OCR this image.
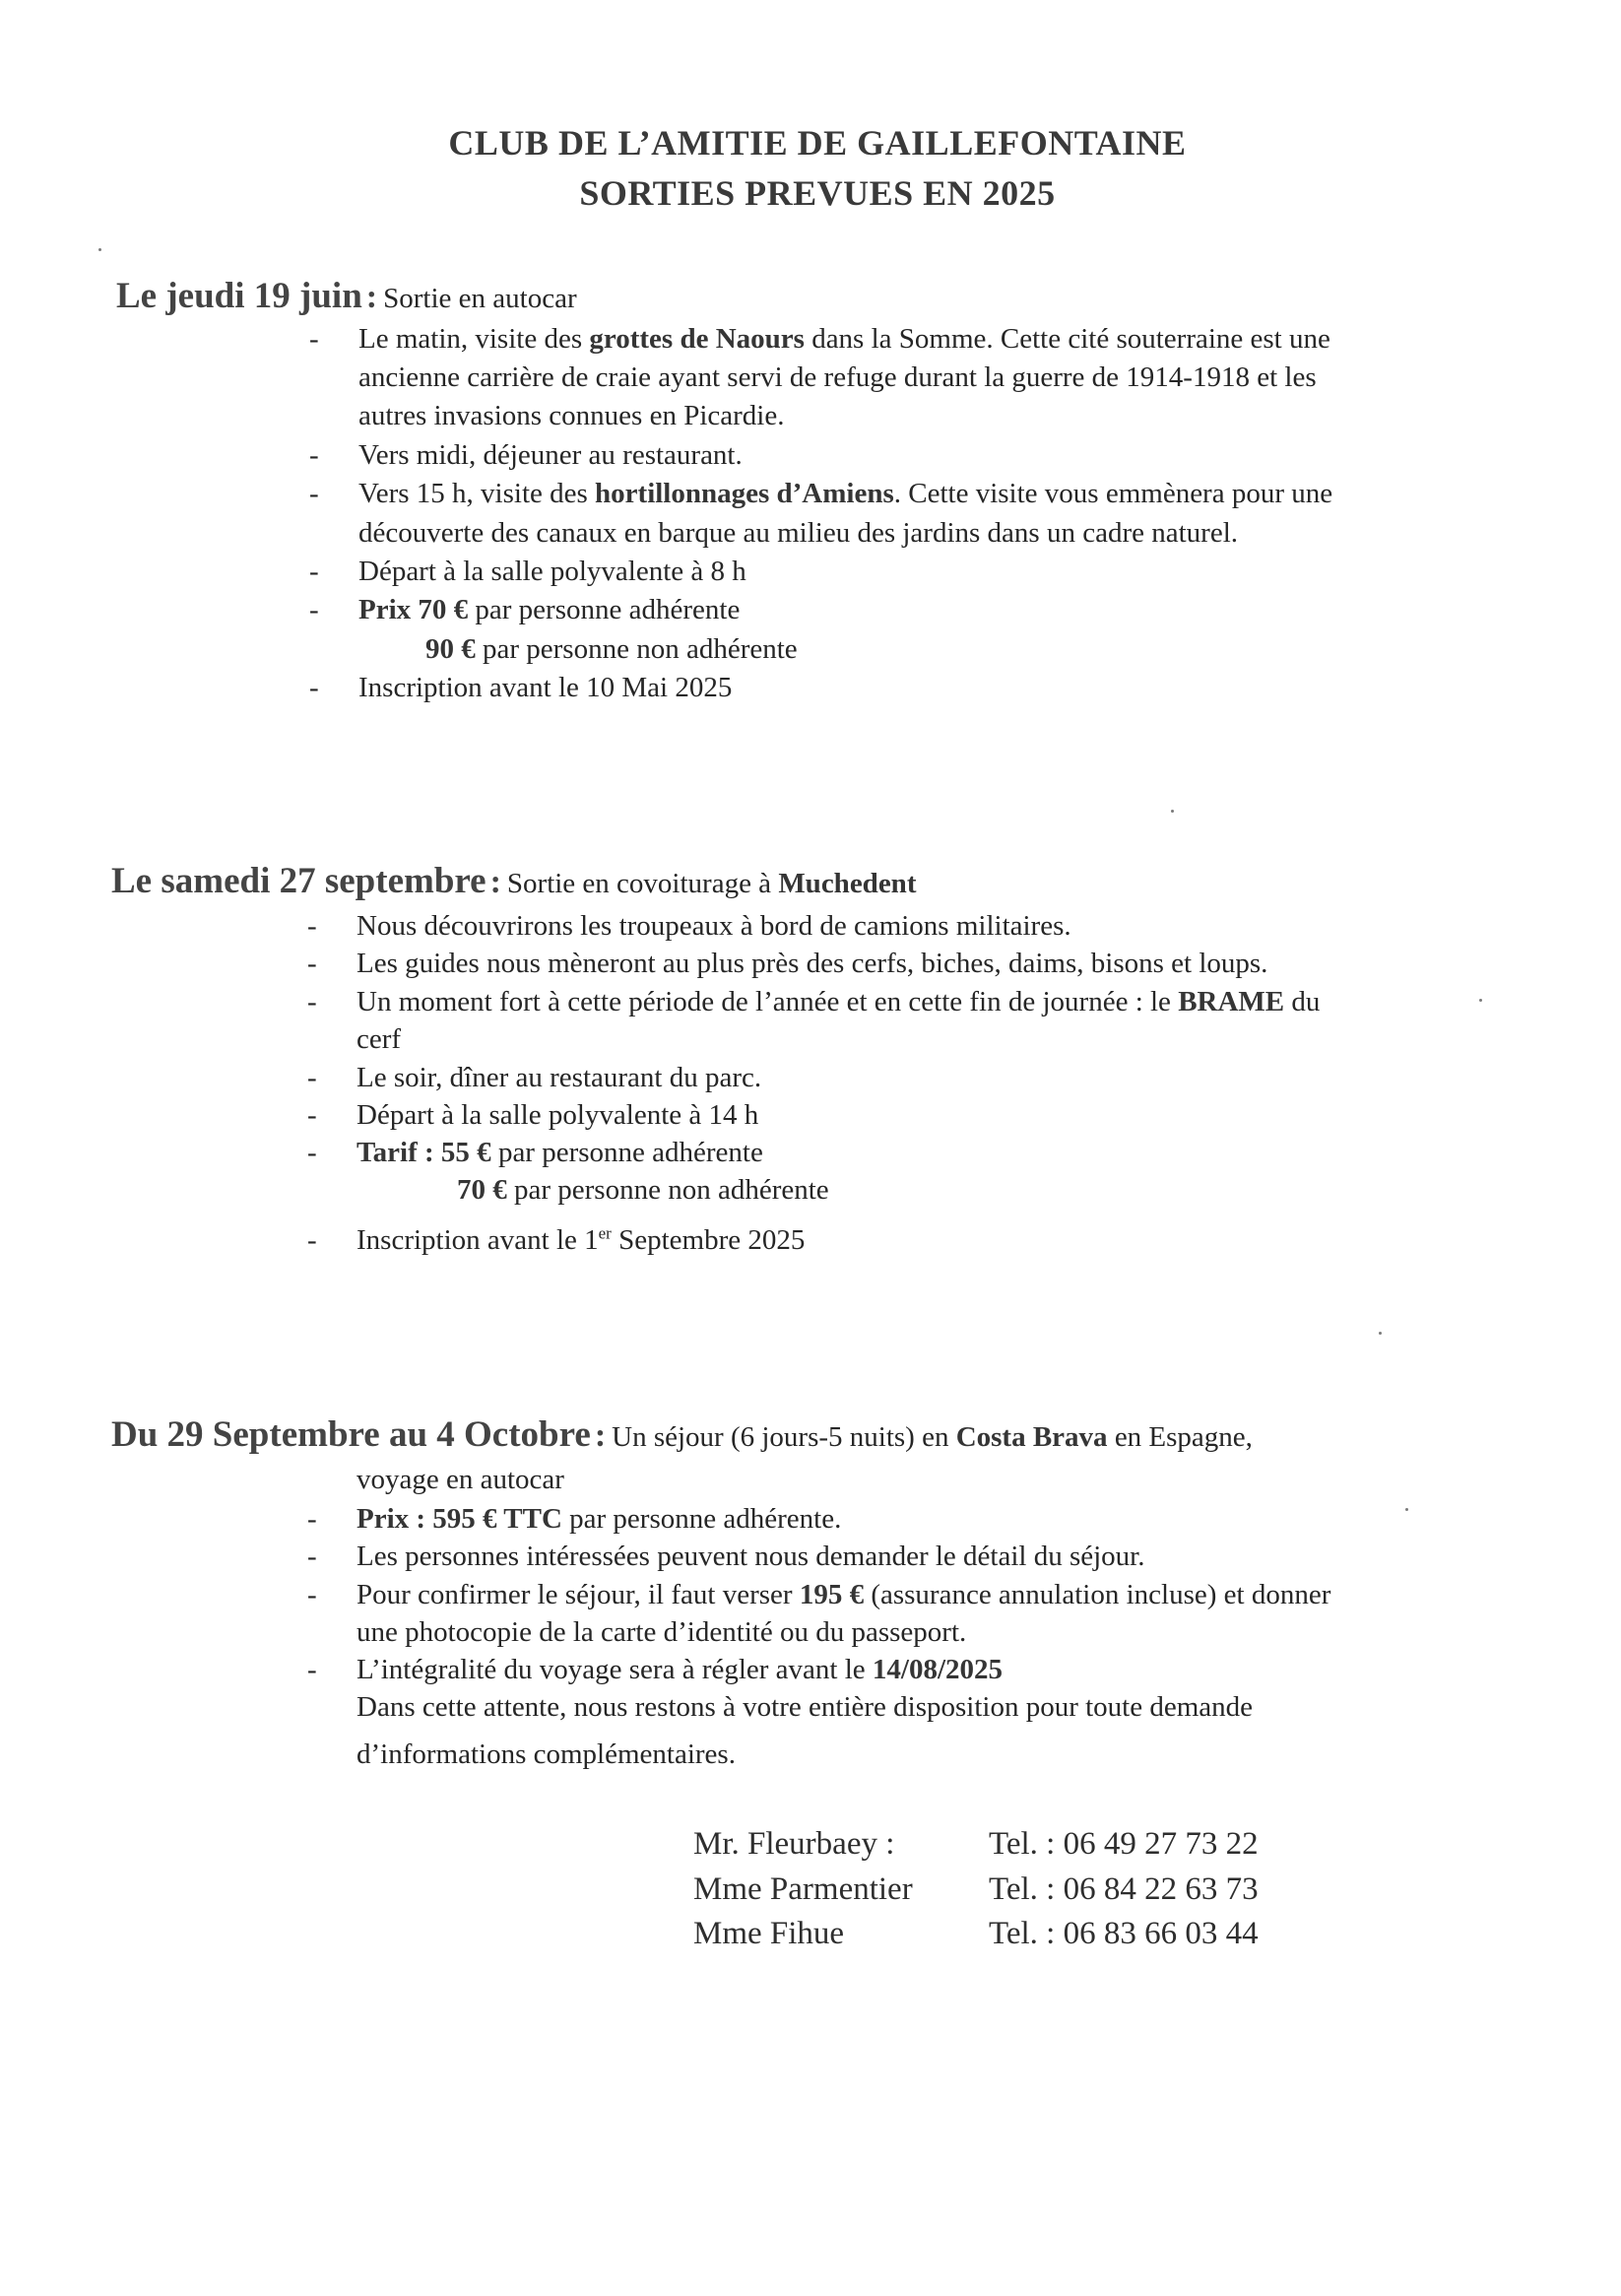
CLUB DE L’AMITIE DE GAILLEFONTAINE
SORTIES PREVUES EN 2025
Le jeudi 19 juin : Sortie en autocar
Le samedi 27 septembre : Sortie en covoiturage à Muchedent
Du 29 Septembre au 4 Octobre : Un séjour (6 jours-5 nuits) en Costa Brava en Espagne,
voyage en autocar
- Le matin, visite des grottes de Naours dans la Somme. Cette cité souterraine est une
ancienne carrière de craie ayant servi de refuge durant la guerre de 1914-1918 et les
autres invasions connues en Picardie.
- Vers midi, déjeuner au restaurant.
- Vers 15 h, visite des hortillonnages d’Amiens. Cette visite vous emmènera pour une
découverte des canaux en barque au milieu des jardins dans un cadre naturel.
- Départ à la salle polyvalente à 8 h
- Prix 70 € par personne adhérente
90 € par personne non adhérente
- Inscription avant le 10 Mai 2025
- Nous découvrirons les troupeaux à bord de camions militaires.
- Les guides nous mèneront au plus près des cerfs, biches, daims, bisons et loups.
- Un moment fort à cette période de l’année et en cette fin de journée : le BRAME du
cerf
- Le soir, dîner au restaurant du parc.
- Départ à la salle polyvalente à 14 h
- Tarif : 55 € par personne adhérente
70 € par personne non adhérente
- Inscription avant le 1er Septembre 2025
- Prix : 595 € TTC par personne adhérente.
- Les personnes intéressées peuvent nous demander le détail du séjour.
- Pour confirmer le séjour, il faut verser 195 € (assurance annulation incluse) et donner
une photocopie de la carte d’identité ou du passeport.
- L’intégralité du voyage sera à régler avant le 14/08/2025
Dans cette attente, nous restons à votre entière disposition pour toute demande
d’informations complémentaires.
Mr. Fleurbaey :	Tel. : 06 49 27 73 22
Mme Parmentier Tel. : 06 84 22 63 73
Mme Fihue	Tel. : 06 83 66 03 44
